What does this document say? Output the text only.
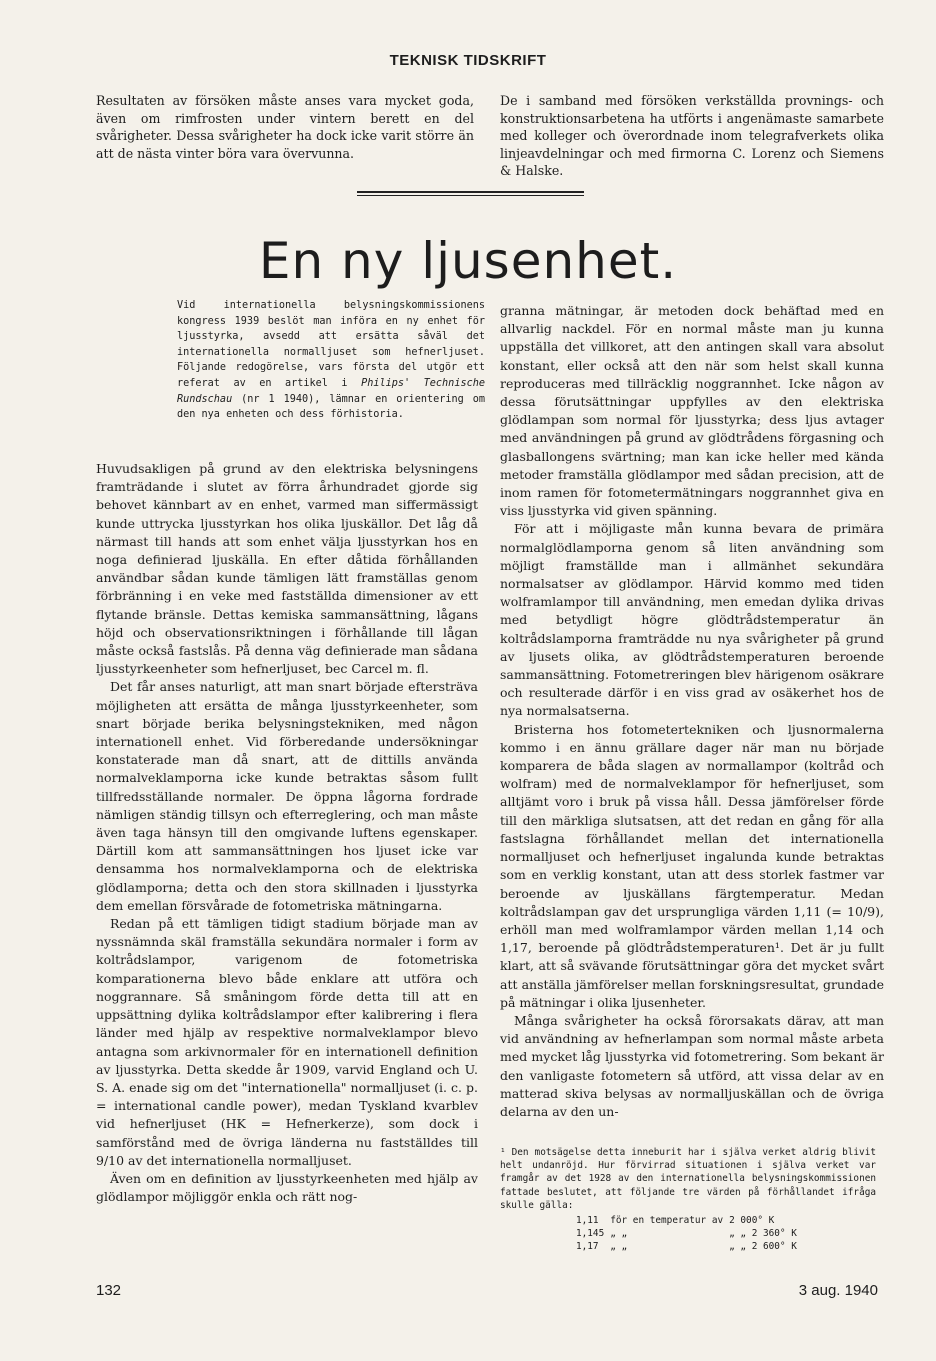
TEKNISK TIDSKRIFT

Resultaten av försöken måste anses vara mycket goda, även om rimfrosten under vintern berett en del svårigheter. Dessa svårigheter ha dock icke varit större än att de nästa vinter böra vara övervunna.

De i samband med försöken verkställda provnings- och konstruktionsarbetena ha utförts i angenämaste samarbete med kolleger och överordnade inom telegrafverkets olika linjeavdelningar och med firmorna C. Lorenz och Siemens & Halske.

En ny ljusenhet.

Vid internationella belysningskommissionens kongress 1939 beslöt man införa en ny enhet för ljusstyrka, avsedd att ersätta såväl det internationella normalljuset som hefnerljuset. Följande redogörelse, vars första del utgör ett referat av en artikel i Philips' Technische Rundschau (nr 1 1940), lämnar en orientering om den nya enheten och dess förhistoria.

Huvudsakligen på grund av den elektriska belysningens framträdande i slutet av förra århundradet gjorde sig behovet kännbart av en enhet, varmed man siffermässigt kunde uttrycka ljusstyrkan hos olika ljuskällor. Det låg då närmast till hands att som enhet välja ljusstyrkan hos en noga definierad ljuskälla. En efter dåtida förhållanden användbar sådan kunde tämligen lätt framställas genom förbränning i en veke med fastställda dimensioner av ett flytande bränsle. Dettas kemiska sammansättning, lågans höjd och observationsriktningen i förhållande till lågan måste också fastslås. På denna väg definierade man sådana ljusstyrkeenheter som hefnerljuset, bec Carcel m. fl.

Det får anses naturligt, att man snart började eftersträva möjligheten att ersätta de många ljusstyrkeenheter, som snart började berika belysningstekniken, med någon internationell enhet. Vid förberedande undersökningar konstaterade man då snart, att de dittills använda normalveklamporna icke kunde betraktas såsom fullt tillfredsställande normaler. De öppna lågorna fordrade nämligen ständig tillsyn och efterreglering, och man måste även taga hänsyn till den omgivande luftens egenskaper. Därtill kom att sammansättningen hos ljuset icke var densamma hos normalveklamporna och de elektriska glödlamporna; detta och den stora skillnaden i ljusstyrka dem emellan försvårade de fotometriska mätningarna.

Redan på ett tämligen tidigt stadium började man av nyssnämnda skäl framställa sekundära normaler i form av koltrådslampor, varigenom de fotometriska komparationerna blevo både enklare att utföra och noggrannare. Så småningom förde detta till att en uppsättning dylika koltrådslampor efter kalibrering i flera länder med hjälp av respektive normalveklampor blevo antagna som arkivnormaler för en internationell definition av ljusstyrka. Detta skedde år 1909, varvid England och U. S. A. enade sig om det "internationella" normalljuset (i. c. p. = international candle power), medan Tyskland kvarblev vid hefnerljuset (HK = Hefnerkerze), som dock i samförstånd med de övriga länderna nu fastställdes till 9/10 av det internationella normalljuset.

Även om en definition av ljusstyrkeenheten med hjälp av glödlampor möjliggör enkla och rätt nog-

granna mätningar, är metoden dock behäftad med en allvarlig nackdel. För en normal måste man ju kunna uppställa det villkoret, att den antingen skall vara absolut konstant, eller också att den när som helst skall kunna reproduceras med tillräcklig noggrannhet. Icke någon av dessa förutsättningar uppfylles av den elektriska glödlampan som normal för ljusstyrka; dess ljus avtager med användningen på grund av glödtrådens förgasning och glasballongens svärtning; man kan icke heller med kända metoder framställa glödlampor med sådan precision, att de inom ramen för fotometermätningars noggrannhet giva en viss ljusstyrka vid given spänning.

För att i möjligaste mån kunna bevara de primära normalglödlamporna genom så liten användning som möjligt framställde man i allmänhet sekundära normalsatser av glödlampor. Härvid kommo med tiden wolframlampor till användning, men emedan dylika drivas med betydligt högre glödtrådstemperatur än koltrådslamporna framträdde nu nya svårigheter på grund av ljusets olika, av glödtrådstemperaturen beroende sammansättning. Fotometreringen blev härigenom osäkrare och resulterade därför i en viss grad av osäkerhet hos de nya normalsatserna.

Bristerna hos fotometertekniken och ljusnormalerna kommo i en ännu grällare dager när man nu började komparera de båda slagen av normallampor (koltråd och wolfram) med de normalveklampor för hefnerljuset, som alltjämt voro i bruk på vissa håll. Dessa jämförelser förde till den märkliga slutsatsen, att det redan en gång för alla fastslagna förhållandet mellan det internationella normalljuset och hefnerljuset ingalunda kunde betraktas som en verklig konstant, utan att dess storlek fastmer var beroende av ljuskällans färgtemperatur. Medan koltrådslampan gav det ursprungliga värden 1,11 (= 10/9), erhöll man med wolframlampor värden mellan 1,14 och 1,17, beroende på glödtrådstemperaturen¹. Det är ju fullt klart, att så svävande förutsättningar göra det mycket svårt att anställa jämförelser mellan forskningsresultat, grundade på mätningar i olika ljusenheter.

Många svårigheter ha också förorsakats därav, att man vid användning av hefnerlampan som normal måste arbeta med mycket låg ljusstyrka vid fotometrering. Som bekant är den vanligaste fotometern så utförd, att vissa delar av en matterad skiva belysas av normalljuskällan och de övriga delarna av den un-

¹ Den motsägelse detta inneburit har i själva verket aldrig blivit helt undanröjd. Hur förvirrad situationen i själva verket var framgår av det 1928 av den internationella belysningskommissionen fattade beslutet, att följande tre värden på förhållandet ifråga skulle gälla:

1,11	för en temperatur av	2 000° K
1,145	„ „	„ „ 2 360° K
1,17	„ „	„ „ 2 600° K
132	3 aug. 1940
